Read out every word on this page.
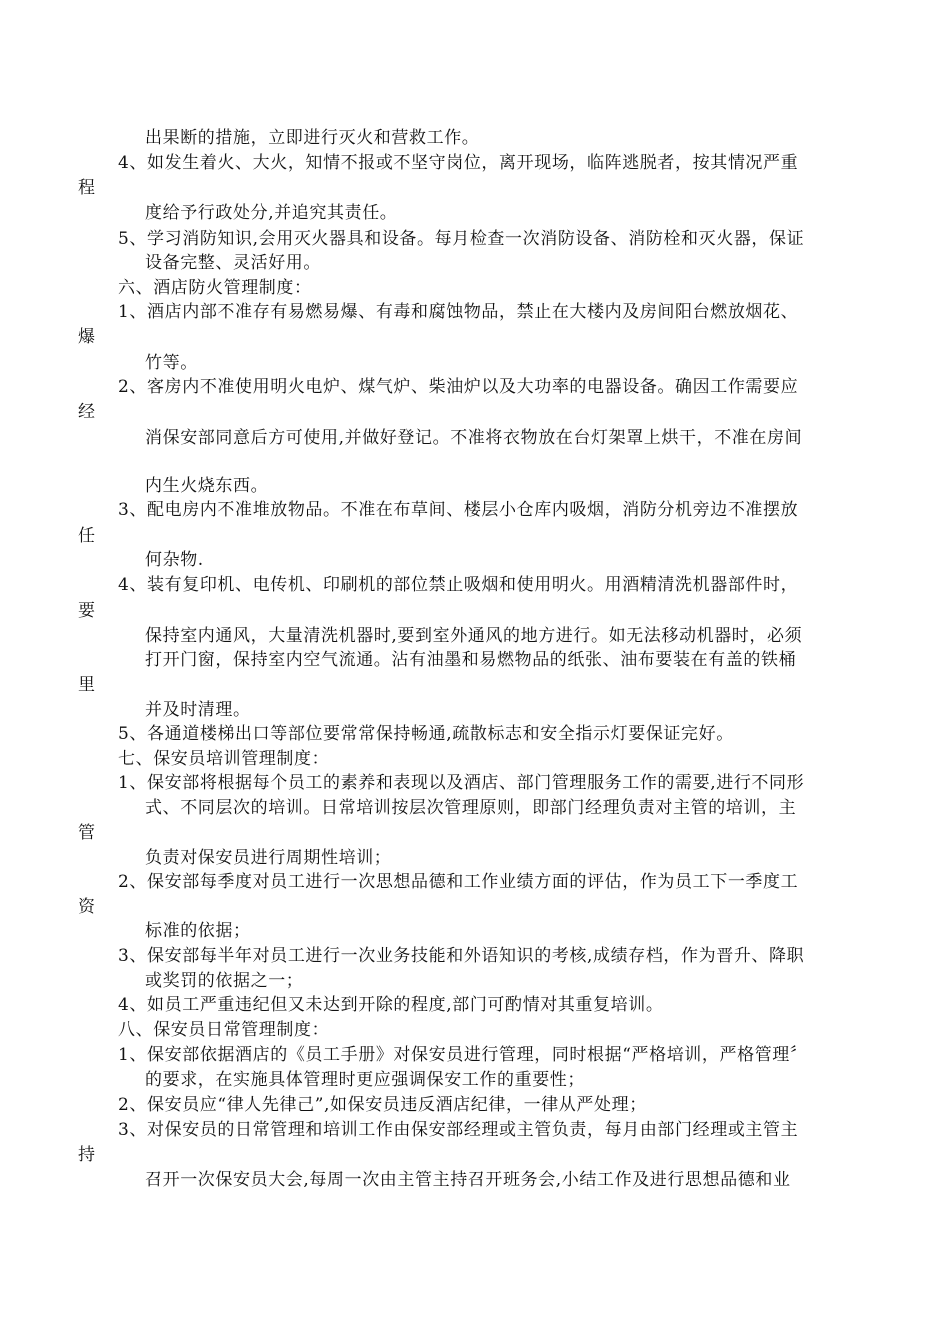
出果断的措施，立即进行灭火和营救工作。
4、如发生着火、大火，知情不报或不坚守岗位，离开现场，临阵逃脱者，按其情况严重
程
度给予行政处分,并追究其责任。
5、学习消防知识,会用灭火器具和设备。每月检查一次消防设备、消防栓和灭火器，保证
设备完整、灵活好用。
六、酒店防火管理制度：
1、酒店内部不准存有易燃易爆、有毒和腐蚀物品，禁止在大楼内及房间阳台燃放烟花、
爆
竹等。
2、客房内不准使用明火电炉、煤气炉、柴油炉以及大功率的电器设备。确因工作需要应
经
消保安部同意后方可使用,并做好登记。不准将衣物放在台灯架罩上烘干，不准在房间
内生火烧东西。
3、配电房内不准堆放物品。不准在布草间、楼层小仓库内吸烟，消防分机旁边不准摆放
任
何杂物.
4、装有复印机、电传机、印刷机的部位禁止吸烟和使用明火。用酒精清洗机器部件时，
要
保持室内通风，大量清洗机器时,要到室外通风的地方进行。如无法移动机器时，必须
打开门窗，保持室内空气流通。沾有油墨和易燃物品的纸张、油布要装在有盖的铁桶
里
并及时清理。
5、各通道楼梯出口等部位要常常保持畅通,疏散标志和安全指示灯要保证完好。
七、保安员培训管理制度：
1、保安部将根据每个员工的素养和表现以及酒店、部门管理服务工作的需要,进行不同形
式、不同层次的培训。日常培训按层次管理原则，即部门经理负责对主管的培训，主
管
负责对保安员进行周期性培训；
2、保安部每季度对员工进行一次思想品德和工作业绩方面的评估，作为员工下一季度工
资
标准的依据；
3、保安部每半年对员工进行一次业务技能和外语知识的考核,成绩存档，作为晋升、降职
或奖罚的依据之一；
4、如员工严重违纪但又未达到开除的程度,部门可酌情对其重复培训。
八、保安员日常管理制度：
1、保安部依据酒店的《员工手册》对保安员进行管理，同时根据“严格培训，严格管理〞
的要求，在实施具体管理时更应强调保安工作的重要性；
2、保安员应“律人先律己”,如保安员违反酒店纪律，一律从严处理；
3、对保安员的日常管理和培训工作由保安部经理或主管负责，每月由部门经理或主管主
持
召开一次保安员大会,每周一次由主管主持召开班务会,小结工作及进行思想品德和业
